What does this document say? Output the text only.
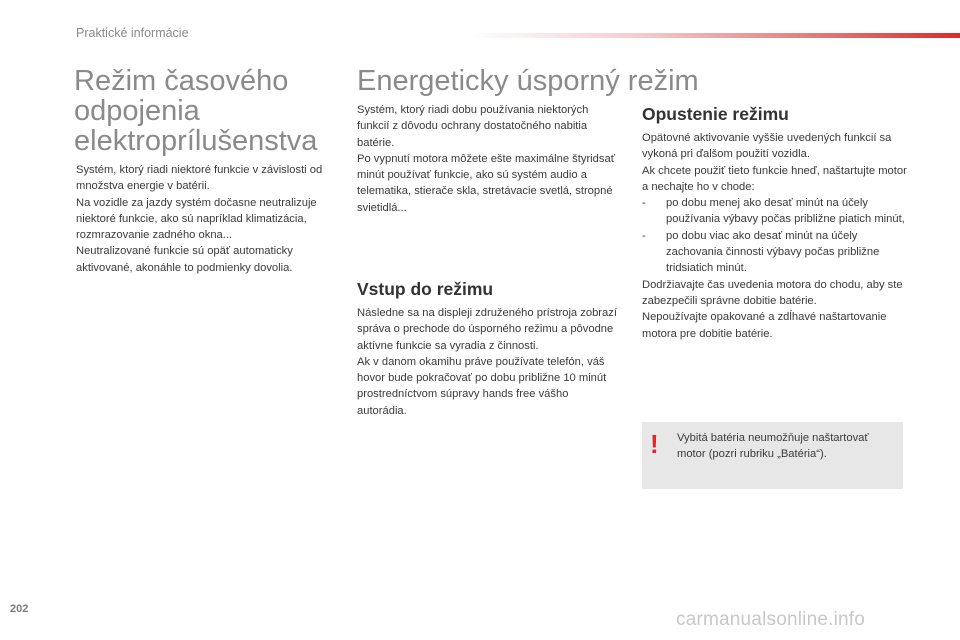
Praktické informácie
Režim časového odpojenia elektroprílušenstva

Systém, ktorý riadi niektoré funkcie v závislosti od množstva energie v batérii.

Na vozidle za jazdy systém dočasne neutralizuje niektoré funkcie, ako sú napríklad klimatizácia, rozmrazovanie zadného okna...

Neutralizované funkcie sú opäť automaticky aktivované, akonáhle to podmienky dovolia.

Energeticky úsporný režim

Systém, ktorý riadi dobu používania niektorých funkcií z dôvodu ochrany dostatočného nabitia batérie.

Po vypnutí motora môžete ešte maximálne štyridsať minút používať funkcie, ako sú systém audio a telematika, stierače skla, stretávacie svetlá, stropné svietidlá...

Vstup do režimu

Následne sa na displeji združeného prístroja zobrazí správa o prechode do úsporného režimu a pôvodne aktívne funkcie sa vyradia z činnosti.

Ak v danom okamihu práve používate telefón, váš hovor bude pokračovať po dobu približne 10 minút prostredníctvom súpravy hands free vášho autorádia.

Opustenie režimu

Opätovné aktivovanie vyššie uvedených funkcií sa vykoná pri ďalšom použití vozidla.

Ak chcete použiť tieto funkcie hneď, naštartujte motor a nechajte ho v chode:

-	po dobu menej ako desať minút na účely používania výbavy počas približne piatich minút,
-	po dobu viac ako desať minút na účely zachovania činnosti výbavy počas približne tridsiatich minút.

Dodržiavajte čas uvedenia motora do chodu, aby ste zabezpečili správne dobitie batérie.

Nepoužívajte opakované a zdĺhavé naštartovanie motora pre dobitie batérie.

! Vybitá batéria neumožňuje naštartovať motor (pozri rubriku „Batéria“).
202	carmanualsonline.info
